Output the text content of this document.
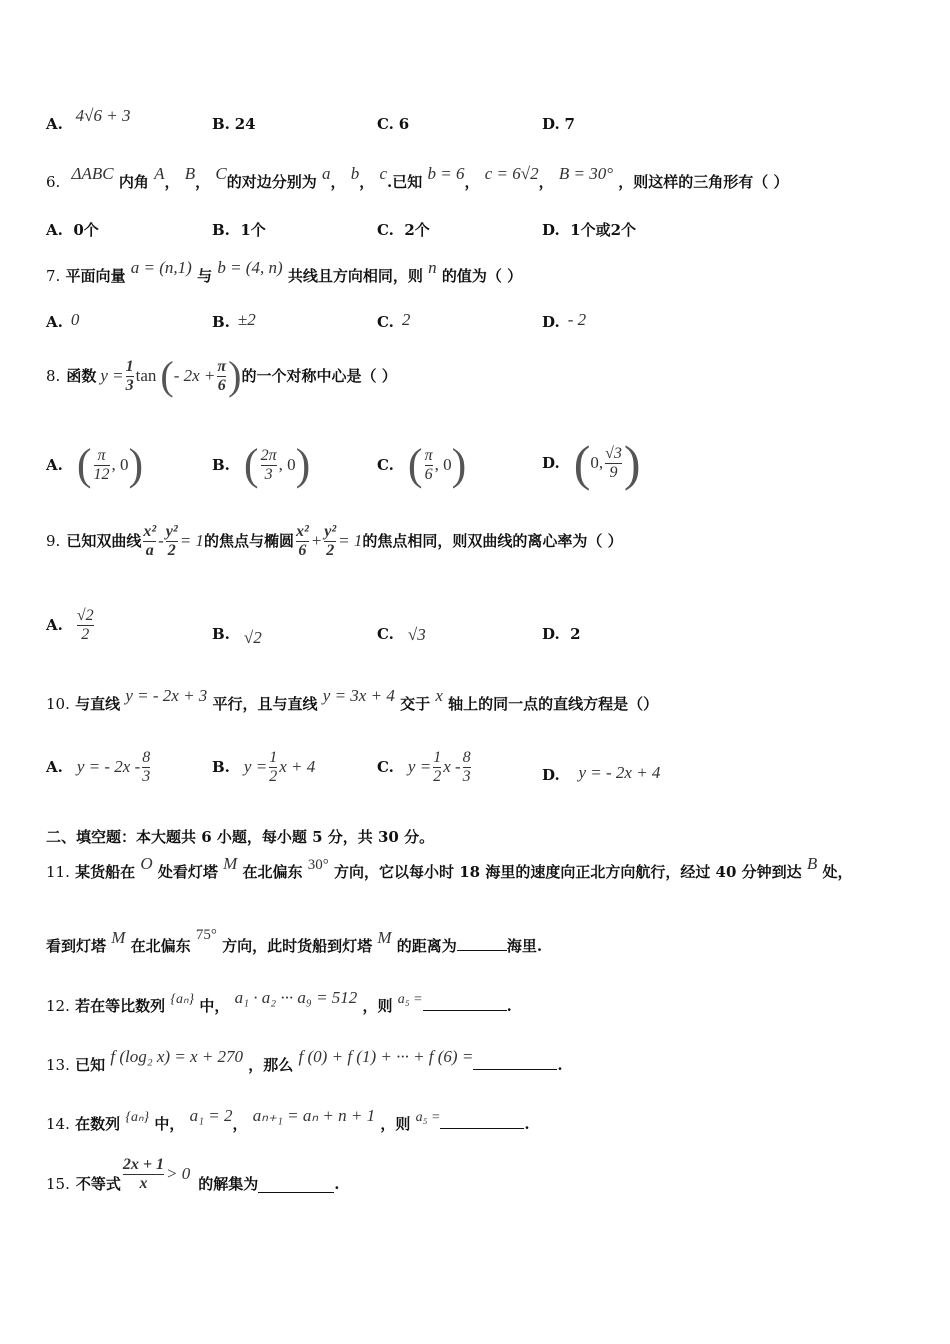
A. 4√6 + 3	B. 24	C. 6	D. 7
6. ΔABC 内角 A， B， C的对边分别为 a， b， c.已知 b = 6， c = 6√2， B = 30° ，则这样的三角形有（ ）
A. 0个	B. 1个	C. 2个	D. 1个或2个
7. 平面向量 a = (n,1) 与 b = (4, n) 共线且方向相同，则 n 的值为（ ）
A. 0	B. ±2	C. 2	D. - 2
8. 函数 $y = \frac{1}{3}$ tan ( - $2x + \frac{\pi}{6}$ ) 的一个对称中心是（ ）
A. ( $\frac{\pi}{12}$ , 0 )	B. ( $\frac{2\pi}{3}$ , 0 )	C. ( $\frac{\pi}{6}$ , 0 )	D. ( 0, $\frac{√3}{9}$ )
9. 已知双曲线 $\frac{\text{x²}}{a} - \frac{\text{y²}}{2} = 1$ 的焦点与椭圆 $\frac{\text{x²}}{6} + \frac{\text{y²}}{2} = 1$ 的焦点相同，则双曲线的离心率为（ ）
A. $\frac{√2}{2}$	B. √2	C. √3	D. 2
10. 与直线 y = - 2x + 3 平行，且与直线 y = 3x + 4 交于 x 轴上的同一点的直线方程是（）
A. y = - $2x - \frac{8}{3}$	B. $y = \frac{1}{2}$ x + 4	C. $y = \frac{1}{2}$ x - $\frac{8}{3}$	D. y = - 2x + 4
二、填空题：本大题共 6 小题，每小题 5 分，共 30 分。
11. 某货船在 O 处看灯塔 M 在北偏东 30° 方向，它以每小时 18 海里的速度向正北方向航行，经过 40 分钟到达 B 处，
看到灯塔 M 在北偏东 75° 方向，此时货船到灯塔 M 的距离为	海里.
12. 若在等比数列 {aₙ} 中， a₁ · a₂ ··· a₉ = 512 ，则 a₅ =	.
13. 已知 f (log₂ x) = x + 270 ，那么 f (0) + f (1) + ··· + f (6) =	.
14. 在数列 {aₙ} 中， a₁ = 2， aₙ₊₁ = aₙ + n + 1 ，则 a₅ =	.
15. 不等式 $\frac{2x + 1}{x} > 0$
的解集为	.
